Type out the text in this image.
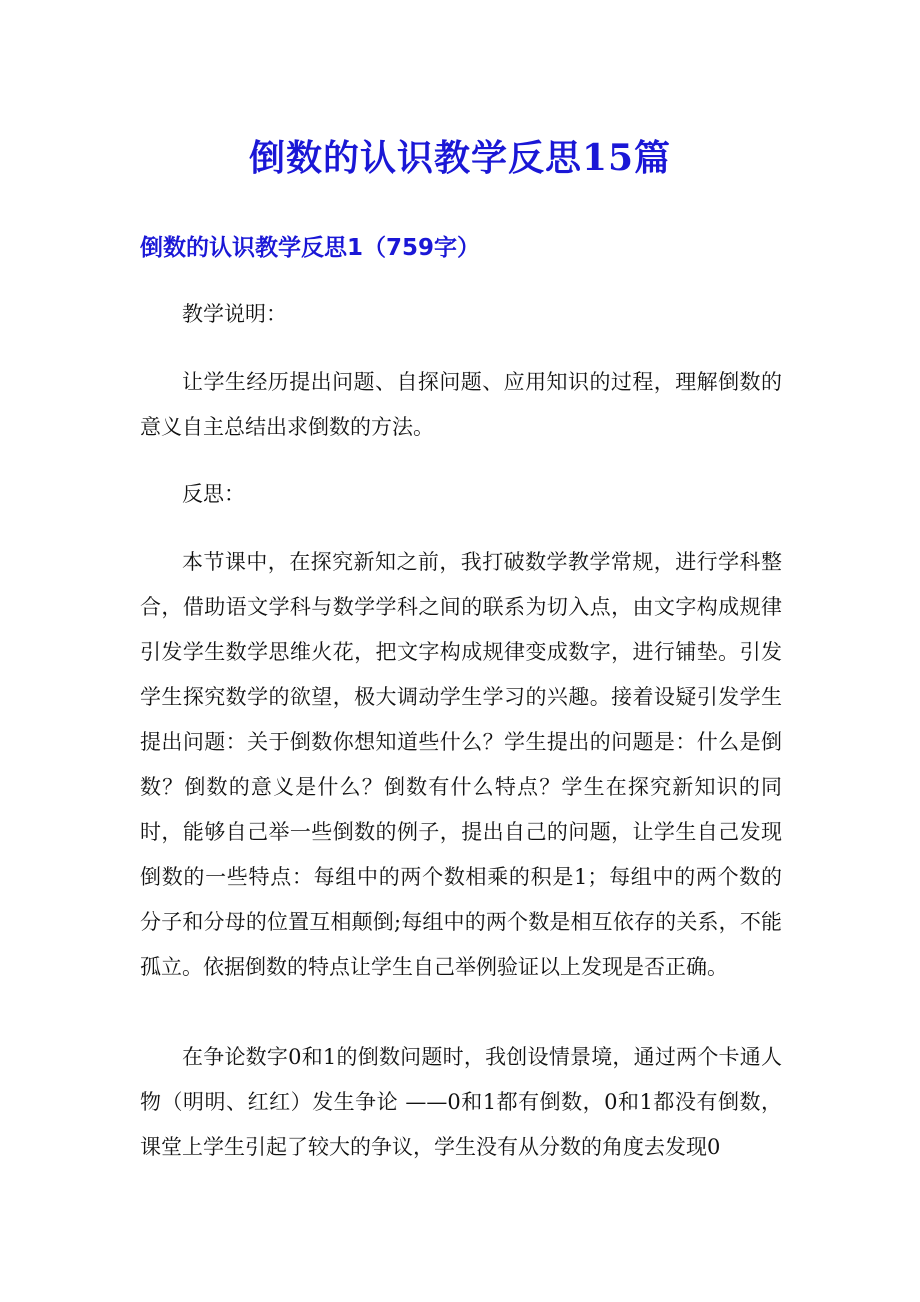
倒数的认识教学反思15篇
倒数的认识教学反思1（759字）

教学说明：

让学生经历提出问题、自探问题、应用知识的过程，理解倒数的意义自主总结出求倒数的方法。

反思：

本节课中，在探究新知之前，我打破数学教学常规，进行学科整合，借助语文学科与数学学科之间的联系为切入点，由文字构成规律引发学生数学思维火花，把文字构成规律变成数字，进行铺垫。引发学生探究数学的欲望，极大调动学生学习的兴趣。接着设疑引发学生提出问题：关于倒数你想知道些什么？学生提出的问题是：什么是倒数？倒数的意义是什么？倒数有什么特点？学生在探究新知识的同时，能够自己举一些倒数的例子，提出自己的问题，让学生自己发现倒数的一些特点：每组中的两个数相乘的积是1；每组中的两个数的分子和分母的位置互相颠倒;每组中的两个数是相互依存的关系，不能孤立。依据倒数的特点让学生自己举例验证以上发现是否正确。

在争论数字0和1的倒数问题时，我创设情景境，通过两个卡通人物（明明、红红）发生争论 ——0和1都有倒数，0和1都没有倒数，课堂上学生引起了较大的争议，学生没有从分数的角度去发现0
